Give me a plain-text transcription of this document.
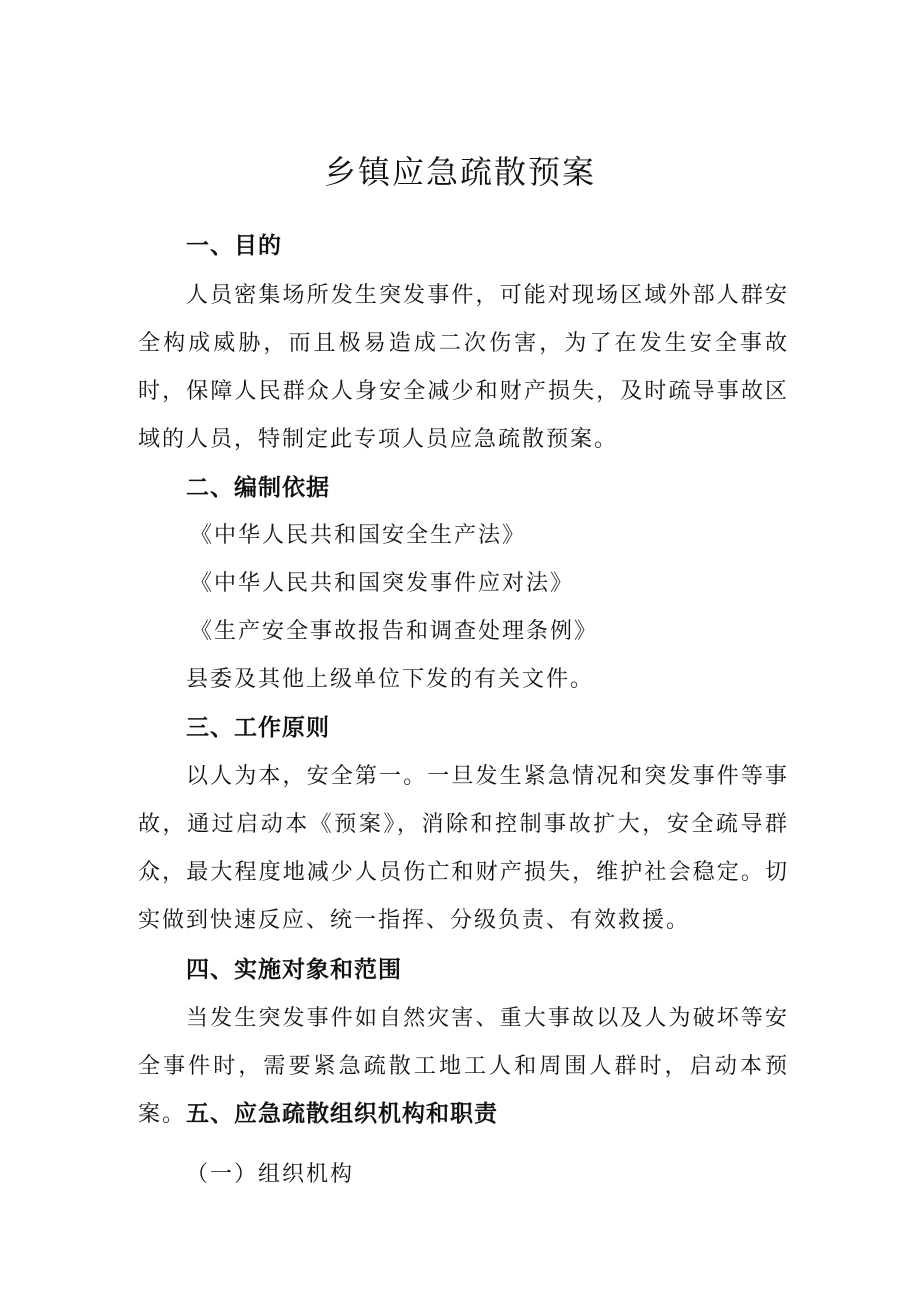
乡镇应急疏散预案
一、目的
人员密集场所发生突发事件，可能对现场区域外部人群安全构成威胁，而且极易造成二次伤害，为了在发生安全事故时，保障人民群众人身安全减少和财产损失，及时疏导事故区域的人员，特制定此专项人员应急疏散预案。
二、编制依据
《中华人民共和国安全生产法》
《中华人民共和国突发事件应对法》
《生产安全事故报告和调查处理条例》
县委及其他上级单位下发的有关文件。
三、工作原则
以人为本，安全第一。一旦发生紧急情况和突发事件等事故，通过启动本《预案》，消除和控制事故扩大，安全疏导群众，最大程度地减少人员伤亡和财产损失，维护社会稳定。切实做到快速反应、统一指挥、分级负责、有效救援。
四、实施对象和范围
当发生突发事件如自然灾害、重大事故以及人为破坏等安全事件时，需要紧急疏散工地工人和周围人群时，启动本预案。 五、应急疏散组织机构和职责
（一）组织机构
